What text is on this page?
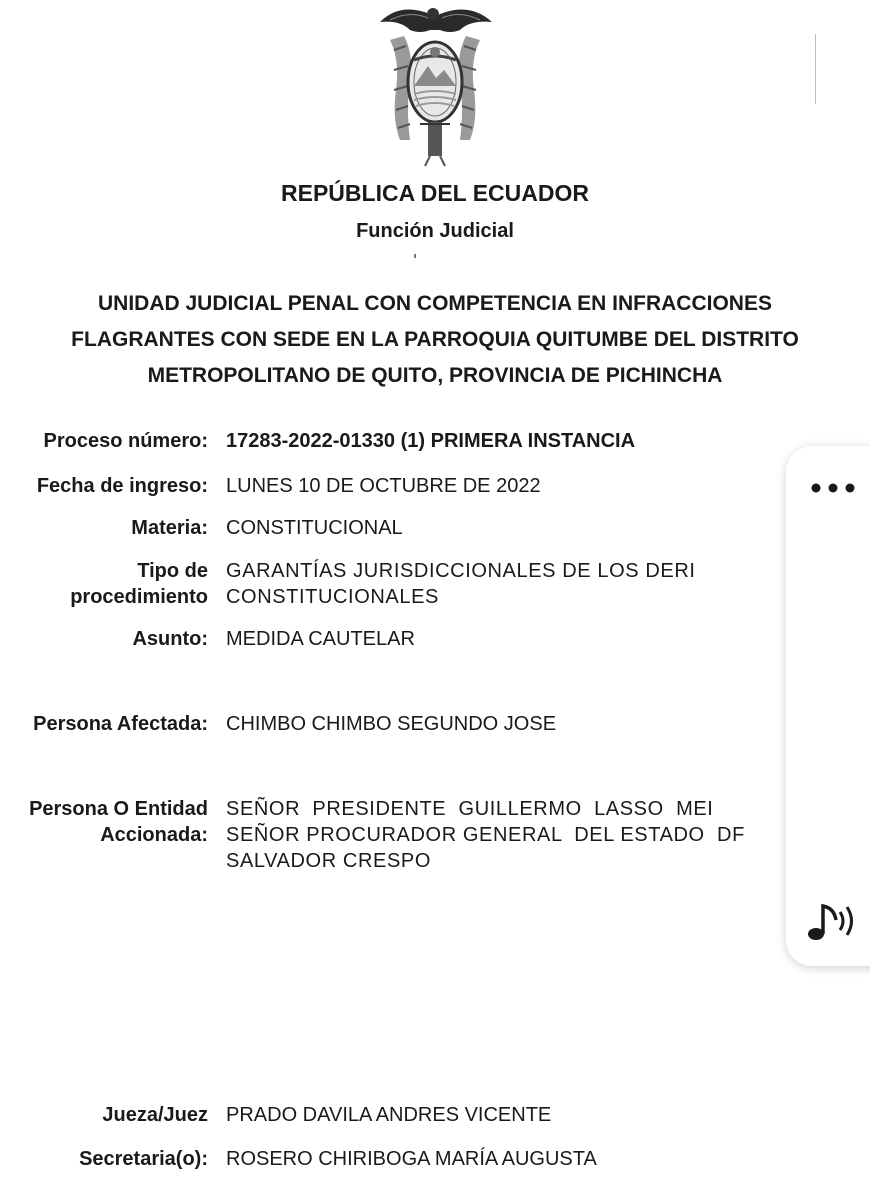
REPÚBLICA DEL ECUADOR
Función Judicial
UNIDAD JUDICIAL PENAL CON COMPETENCIA EN INFRACCIONES
FLAGRANTES CON SEDE EN LA PARROQUIA QUITUMBE DEL DISTRITO
METROPOLITANO DE QUITO, PROVINCIA DE PICHINCHA
Proceso número: 17283-2022-01330 (1) PRIMERA INSTANCIA
Fecha de ingreso: LUNES 10 DE OCTUBRE DE 2022
Materia: CONSTITUCIONAL
Tipo de
procedimiento
GARANTÍAS JURISDICCIONALES DE LOS DERI
CONSTITUCIONALES
Asunto: MEDIDA CAUTELAR
Persona Afectada: CHIMBO CHIMBO SEGUNDO JOSE
Persona O Entidad
Accionada:
SEÑOR  PRESIDENTE  GUILLERMO  LASSO  MEI
SEÑOR PROCURADOR GENERAL  DEL ESTADO  DF
SALVADOR CRESPO
Jueza/Juez PRADO DAVILA ANDRES VICENTE
Secretaria(o): ROSERO CHIRIBOGA MARÍA AUGUSTA
